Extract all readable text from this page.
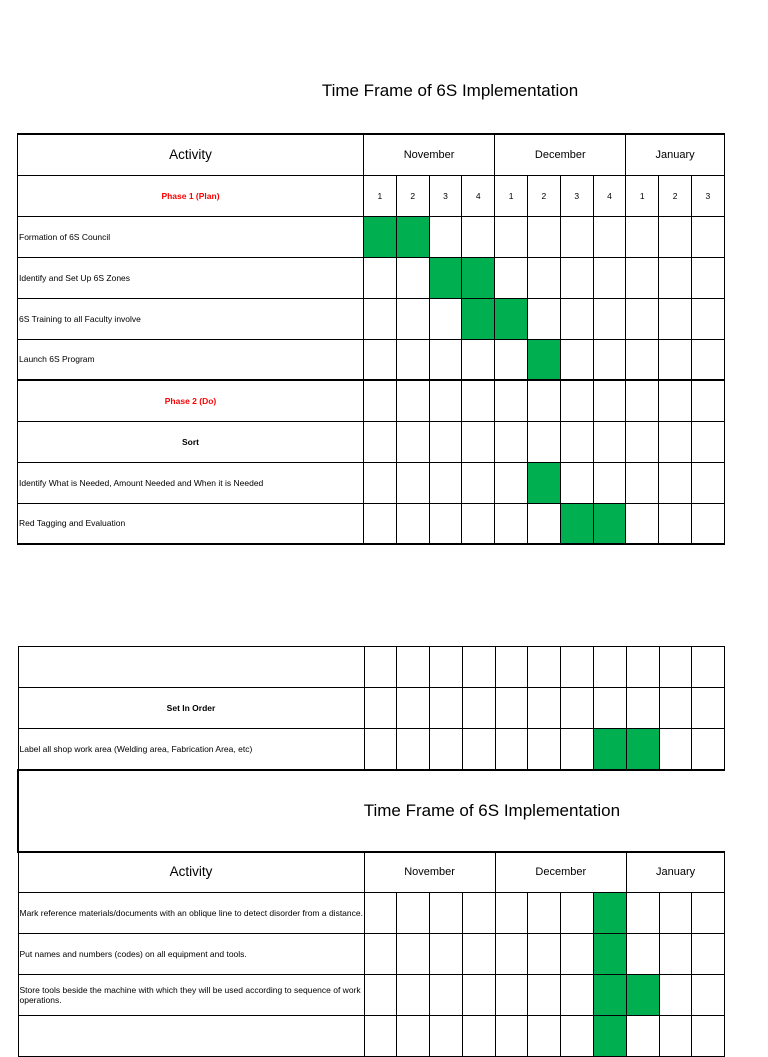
Time Frame of 6S Implementation
Activity	November				December				January		
Phase 1 (Plan)	1	2	3	4	1	2	3	4	1	2	3
Formation of 6S Council											
Identify and Set Up 6S Zones											
6S Training to all Faculty involve											
Launch 6S Program											
Phase 2 (Do)											
Sort											
Identify What is Needed, Amount Needed and When it is Needed											
Red Tagging and Evaluation											

Set In Order											
Label all shop work area (Welding area, Fabrication Area, etc)											
Time Frame of 6S Implementation											
Activity	November				December				January		
Mark reference materials/documents with an oblique line to detect disorder from a distance.											
Put names and numbers (codes) on all equipment and tools.											
Store tools beside the machine with which they will be used according to sequence of work operations.											
